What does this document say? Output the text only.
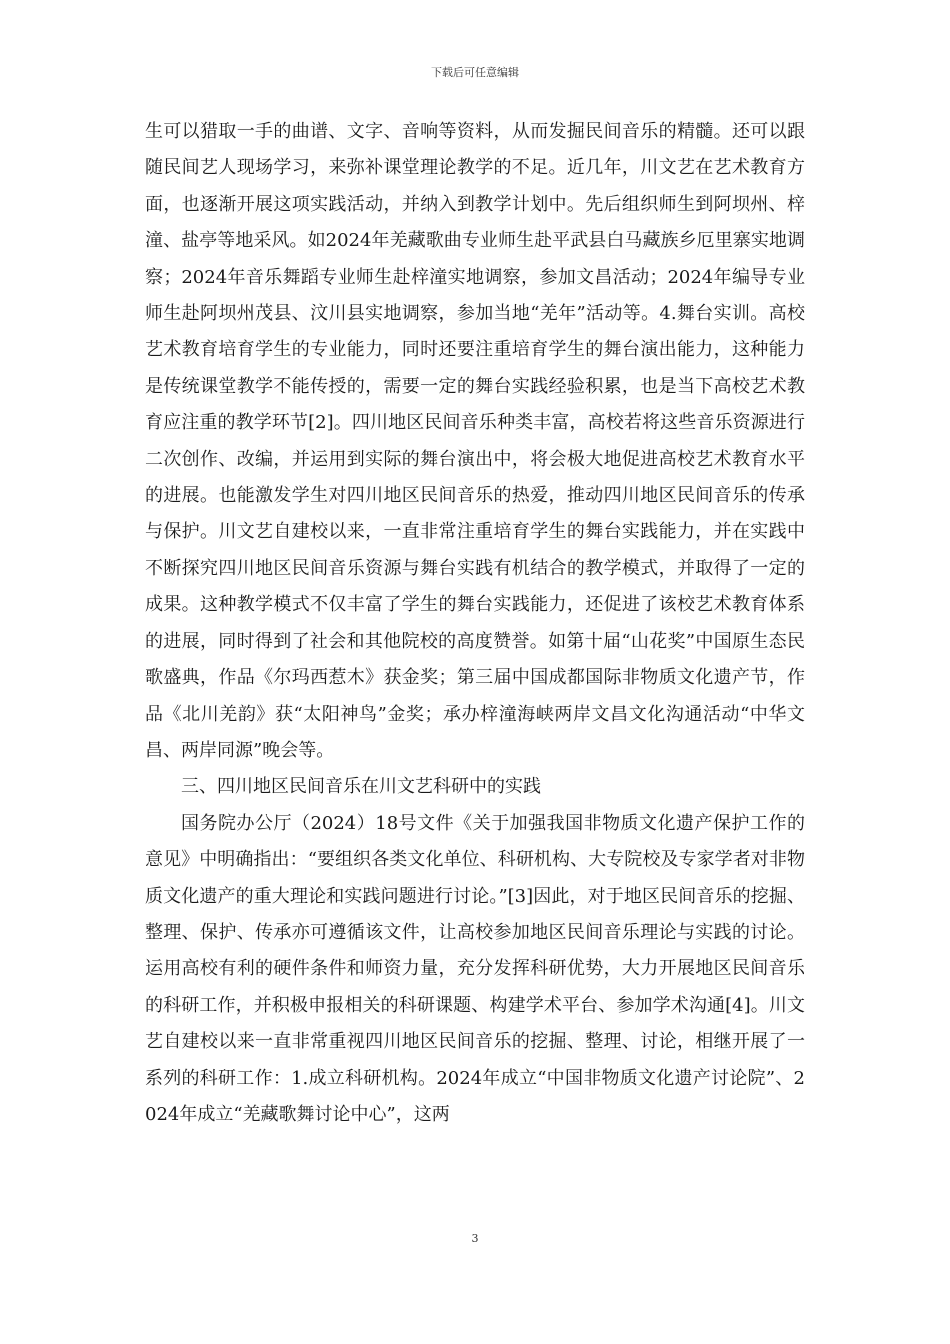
下载后可任意编辑

生可以猎取一手的曲谱、文字、音响等资料，从而发掘民间音乐的精髓。还可以跟随民间艺人现场学习，来弥补课堂理论教学的不足。近几年，川文艺在艺术教育方面，也逐渐开展这项实践活动，并纳入到教学计划中。先后组织师生到阿坝州、梓潼、盐亭等地采风。如2024年羌藏歌曲专业师生赴平武县白马藏族乡厄里寨实地调察；2024年音乐舞蹈专业师生赴梓潼实地调察，参加文昌活动；2024年编导专业师生赴阿坝州茂县、汶川县实地调察，参加当地“羌年”活动等。4.舞台实训。高校艺术教育培育学生的专业能力，同时还要注重培育学生的舞台演出能力，这种能力是传统课堂教学不能传授的，需要一定的舞台实践经验积累，也是当下高校艺术教育应注重的教学环节[2]。四川地区民间音乐种类丰富，高校若将这些音乐资源进行二次创作、改编，并运用到实际的舞台演出中，将会极大地促进高校艺术教育水平的进展。也能激发学生对四川地区民间音乐的热爱，推动四川地区民间音乐的传承与保护。川文艺自建校以来，一直非常注重培育学生的舞台实践能力，并在实践中不断探究四川地区民间音乐资源与舞台实践有机结合的教学模式，并取得了一定的成果。这种教学模式不仅丰富了学生的舞台实践能力，还促进了该校艺术教育体系的进展，同时得到了社会和其他院校的高度赞誉。如第十届“山花奖”中国原生态民歌盛典，作品《尔玛西惹木》获金奖；第三届中国成都国际非物质文化遗产节，作品《北川羌韵》获“太阳神鸟”金奖；承办梓潼海峡两岸文昌文化沟通活动“中华文昌、两岸同源”晚会等。

三、四川地区民间音乐在川文艺科研中的实践

国务院办公厅（2024）18号文件《关于加强我国非物质文化遗产保护工作的意见》中明确指出：“要组织各类文化单位、科研机构、大专院校及专家学者对非物质文化遗产的重大理论和实践问题进行讨论。”[3]因此，对于地区民间音乐的挖掘、整理、保护、传承亦可遵循该文件，让高校参加地区民间音乐理论与实践的讨论。运用高校有利的硬件条件和师资力量，充分发挥科研优势，大力开展地区民间音乐的科研工作，并积极申报相关的科研课题、构建学术平台、参加学术沟通[4]。川文艺自建校以来一直非常重视四川地区民间音乐的挖掘、整理、讨论，相继开展了一系列的科研工作：1.成立科研机构。2024年成立“中国非物质文化遗产讨论院”、2024年成立“羌藏歌舞讨论中心”，这两

3
